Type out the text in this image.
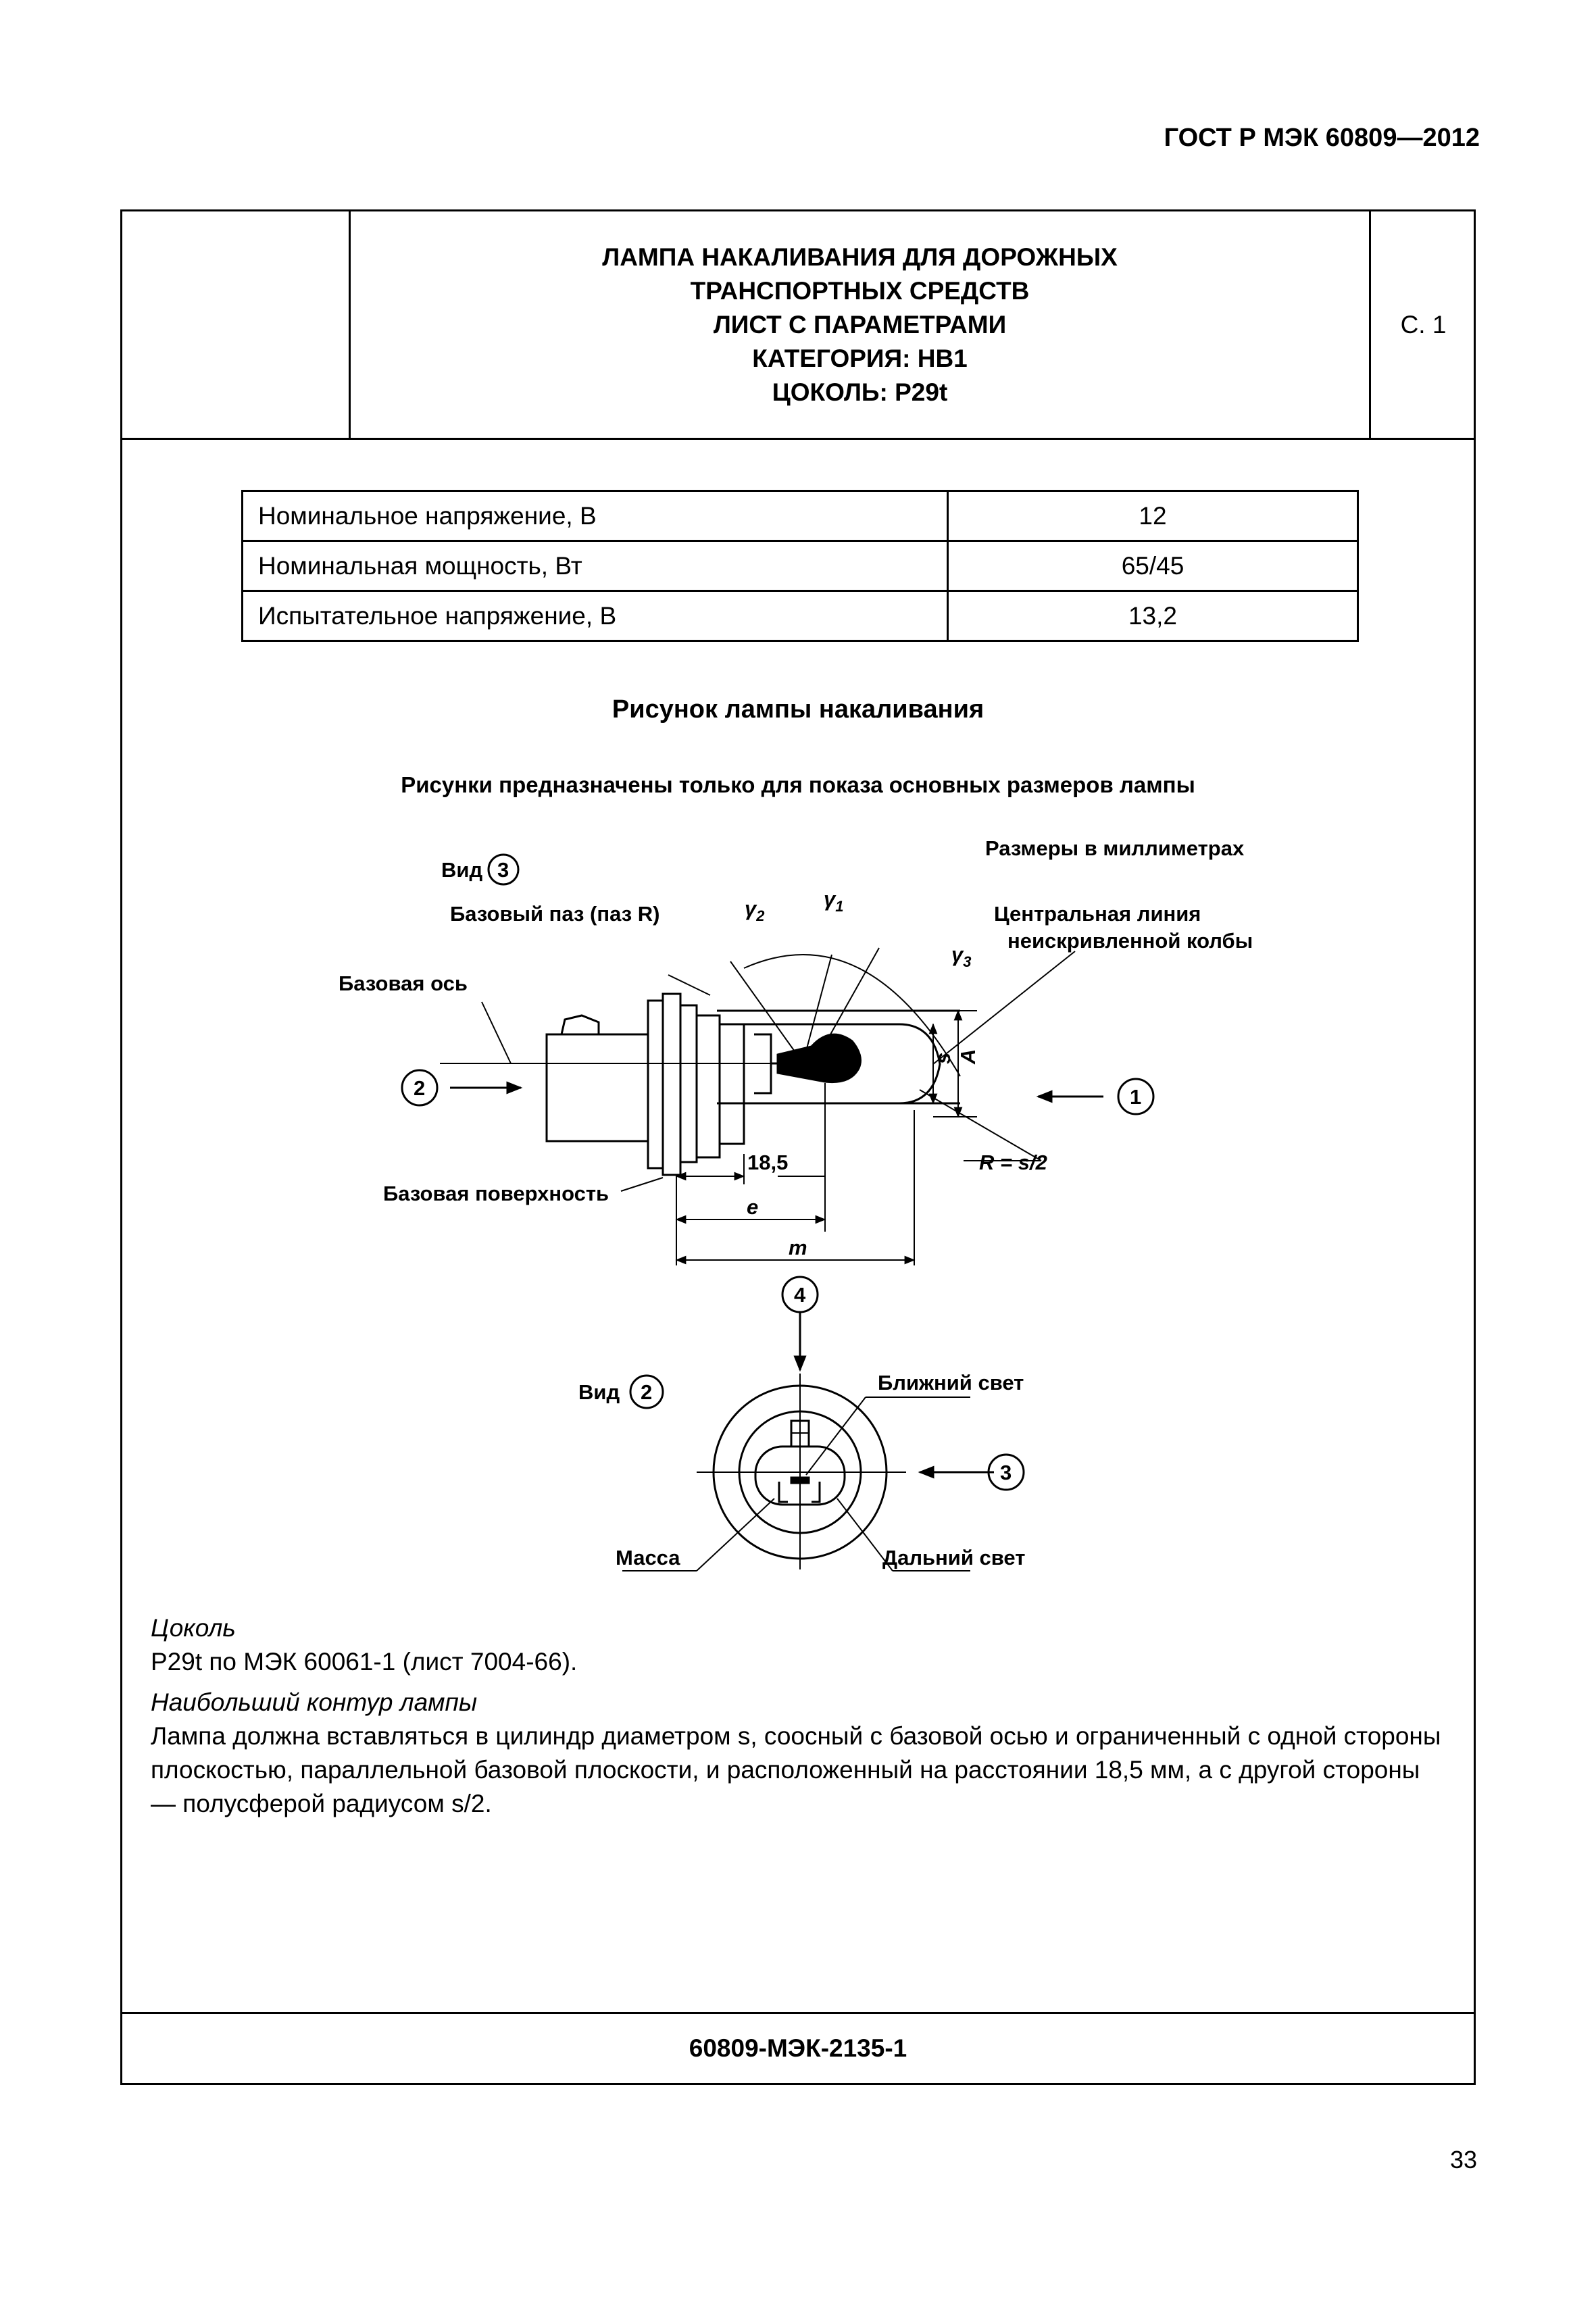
ГОСТ Р МЭК 60809—2012
ЛАМПА НАКАЛИВАНИЯ ДЛЯ ДОРОЖНЫХ
ТРАНСПОРТНЫХ СРЕДСТВ
ЛИСТ С ПАРАМЕТРАМИ
КАТЕГОРИЯ: HB1
ЦОКОЛЬ: P29t
С. 1
Номинальное напряжение, В	12
Номинальная мощность, Вт	65/45
Испытательное напряжение, В	13,2
Рисунок лампы накаливания
Рисунки предназначены только для показа основных размеров лампы
Вид 3
Размеры в миллиметрах
Базовый паз (паз R)
Базовая ось
Центральная линия
неискривленной колбы
$\gamma_2$
$\gamma_1$
$\gamma_3$
s A
2	1
18,5	R = s/2
Базовая поверхность
e
m
4
Вид 2	Ближний свет
3
Масса	Дальний свет

Цоколь

P29t по МЭК 60061-1 (лист 7004-66).

Наибольший контур лампы

Лампа должна вставляться в цилиндр диаметром s, соосный с базовой осью и ограниченный с одной стороны плоскостью, параллельной базовой плоскости, и расположенный на расстоянии 18,5 мм, а с другой стороны — полусферой радиусом s/2.

60809-МЭК-2135-1
33
